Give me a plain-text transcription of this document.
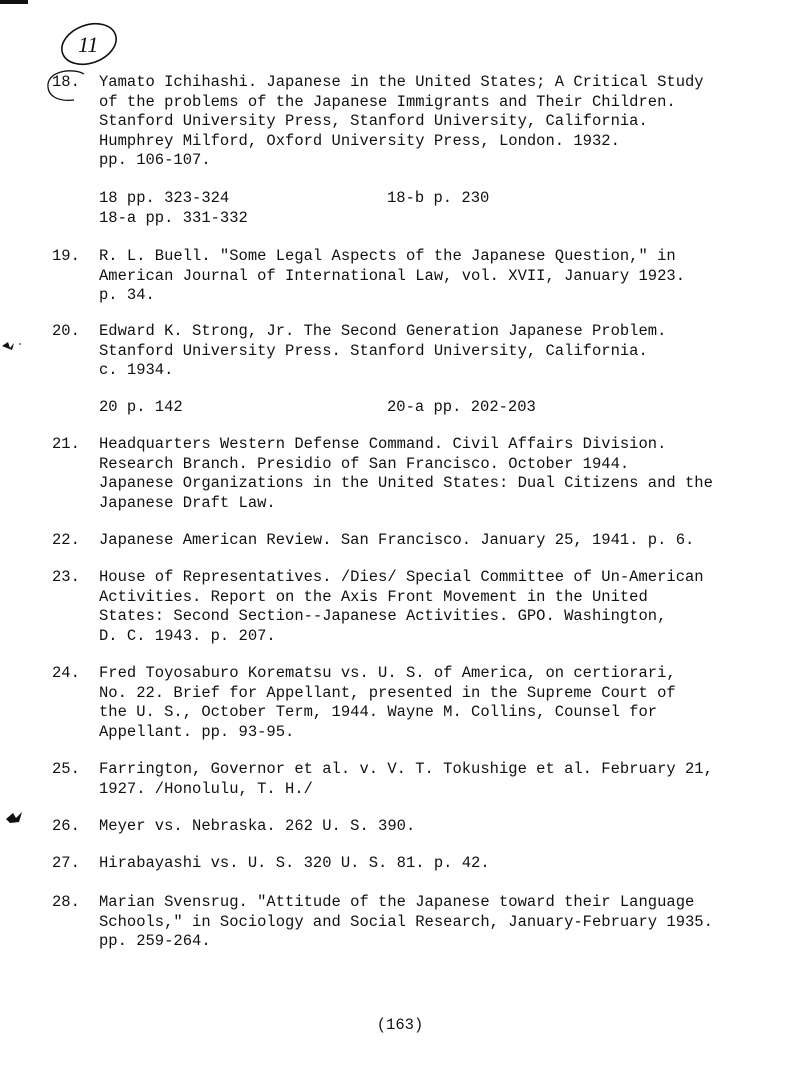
11
18.	Yamato Ichihashi. Japanese in the United States; A Critical Study
of the problems of the Japanese Immigrants and Their Children.
Stanford University Press, Stanford University, California.
Humphrey Milford, Oxford University Press, London. 1932.
pp. 106-107.
18 pp. 323-324	18-b p. 230
18-a pp. 331-332
19.	R. L. Buell. "Some Legal Aspects of the Japanese Question," in
American Journal of International Law, vol. XVII, January 1923.
p. 34.
20.	Edward K. Strong, Jr. The Second Generation Japanese Problem.
Stanford University Press. Stanford University, California.
c. 1934.
20 p. 142	20-a pp. 202-203
21.	Headquarters Western Defense Command. Civil Affairs Division.
Research Branch. Presidio of San Francisco. October 1944.
Japanese Organizations in the United States: Dual Citizens and the
Japanese Draft Law.
22.	Japanese American Review. San Francisco. January 25, 1941. p. 6.
23.	House of Representatives. /Dies/ Special Committee of Un-American
Activities. Report on the Axis Front Movement in the United
States: Second Section--Japanese Activities. GPO. Washington,
D. C. 1943. p. 207.
24.	Fred Toyosaburo Korematsu vs. U. S. of America, on certiorari,
No. 22. Brief for Appellant, presented in the Supreme Court of
the U. S., October Term, 1944. Wayne M. Collins, Counsel for
Appellant. pp. 93-95.
25.	Farrington, Governor et al. v. V. T. Tokushige et al. February 21,
1927. /Honolulu, T. H./
26.	Meyer vs. Nebraska. 262 U. S. 390.
27.	Hirabayashi vs. U. S. 320 U. S. 81. p. 42.
28.	Marian Svensrug. "Attitude of the Japanese toward their Language
Schools," in Sociology and Social Research, January-February 1935.
pp. 259-264.
(163)
